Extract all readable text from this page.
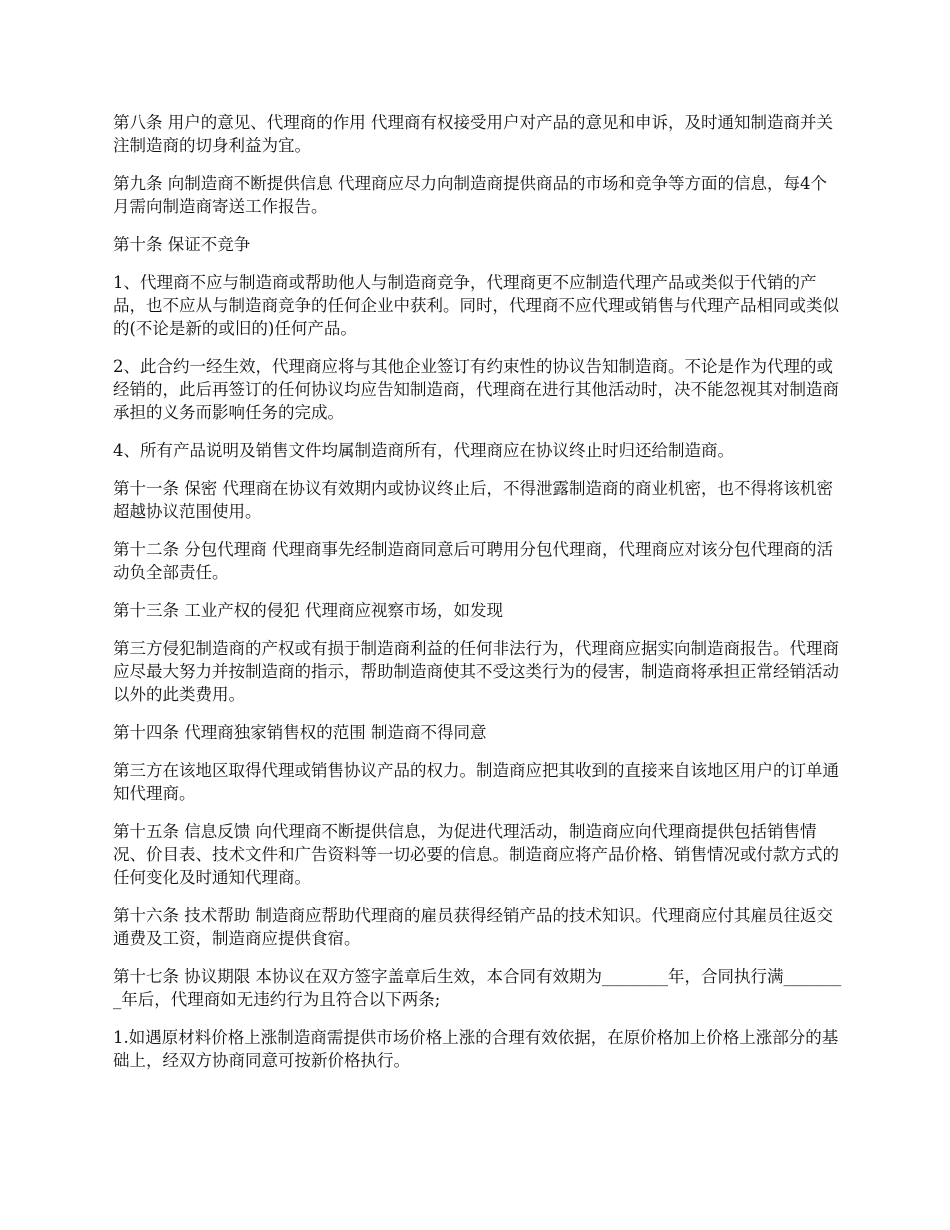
第八条 用户的意见、代理商的作用 代理商有权接受用户对产品的意见和申诉，及时通知制造商并关注制造商的切身利益为宜。

第九条 向制造商不断提供信息 代理商应尽力向制造商提供商品的市场和竞争等方面的信息，每4个月需向制造商寄送工作报告。

第十条 保证不竞争

1、代理商不应与制造商或帮助他人与制造商竞争，代理商更不应制造代理产品或类似于代销的产品，也不应从与制造商竞争的任何企业中获利。同时，代理商不应代理或销售与代理产品相同或类似的(不论是新的或旧的)任何产品。

2、此合约一经生效，代理商应将与其他企业签订有约束性的协议告知制造商。不论是作为代理的或经销的，此后再签订的任何协议均应告知制造商，代理商在进行其他活动时，决不能忽视其对制造商承担的义务而影响任务的完成。

4、所有产品说明及销售文件均属制造商所有，代理商应在协议终止时归还给制造商。

第十一条 保密 代理商在协议有效期内或协议终止后，不得泄露制造商的商业机密，也不得将该机密超越协议范围使用。

第十二条 分包代理商 代理商事先经制造商同意后可聘用分包代理商，代理商应对该分包代理商的活动负全部责任。

第十三条 工业产权的侵犯 代理商应视察市场，如发现

第三方侵犯制造商的产权或有损于制造商利益的任何非法行为，代理商应据实向制造商报告。代理商应尽最大努力并按制造商的指示，帮助制造商使其不受这类行为的侵害，制造商将承担正常经销活动以外的此类费用。

第十四条 代理商独家销售权的范围 制造商不得同意

第三方在该地区取得代理或销售协议产品的权力。制造商应把其收到的直接来自该地区用户的订单通知代理商。

第十五条 信息反馈 向代理商不断提供信息，为促进代理活动，制造商应向代理商提供包括销售情况、价目表、技术文件和广告资料等一切必要的信息。制造商应将产品价格、销售情况或付款方式的任何变化及时通知代理商。

第十六条 技术帮助 制造商应帮助代理商的雇员获得经销产品的技术知识。代理商应付其雇员往返交通费及工资，制造商应提供食宿。

第十七条 协议期限 本协议在双方签字盖章后生效，本合同有效期为________年，合同执行满________年后，代理商如无违约行为且符合以下两条;

1.如遇原材料价格上涨制造商需提供市场价格上涨的合理有效依据，在原价格加上价格上涨部分的基础上，经双方协商同意可按新价格执行。
